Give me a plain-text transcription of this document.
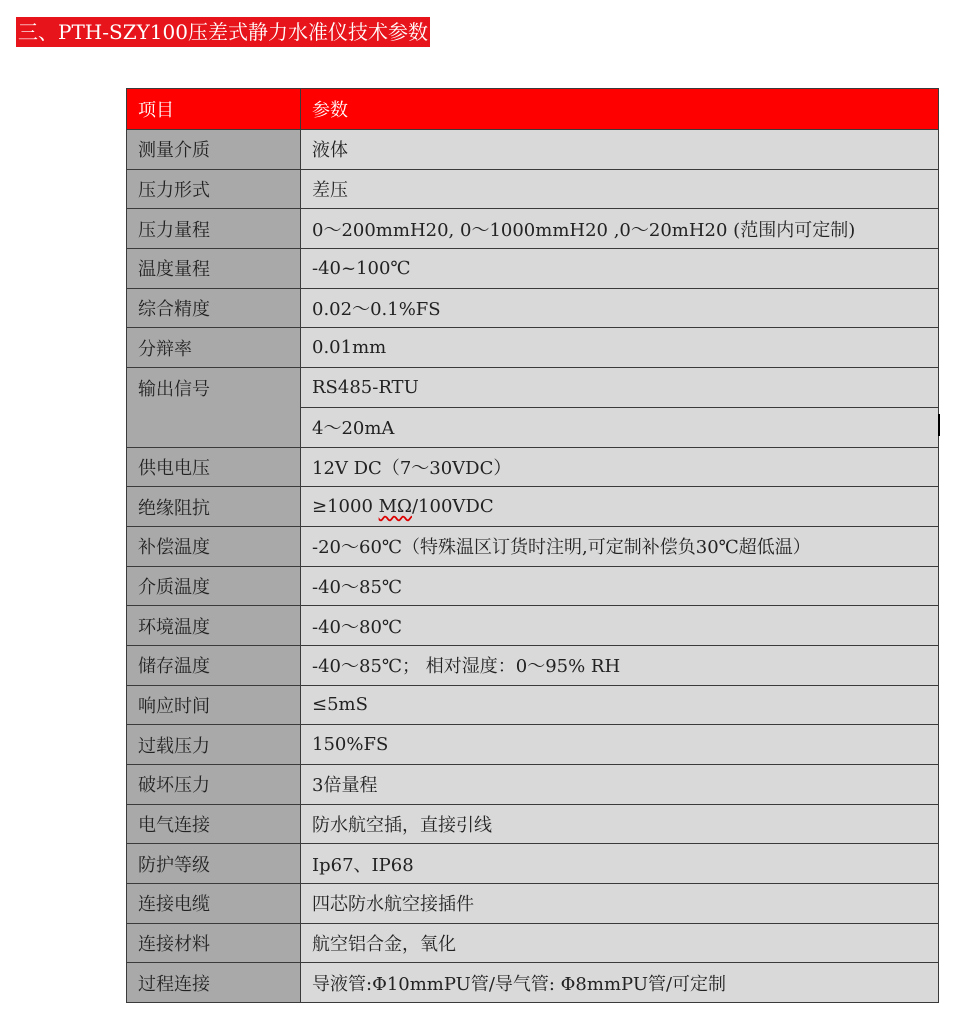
三、PTH-SZY100压差式静力水准仪技术参数
项目	参数
测量介质	液体
压力形式	差压
压力量程	0～200mmH20, 0～1000mmH20 ,0～20mH20 (范围内可定制)
温度量程	-40~100℃
综合精度	0.02～0.1%FS
分辩率	0.01mm
输出信号	RS485-RTU
	4～20mA
供电电压	12V DC（7～30VDC）
绝缘阻抗	≥1000 MΩ/100VDC
补偿温度	-20～60℃（特殊温区订货时注明,可定制补偿负30℃超低温）
介质温度	-40～85℃
环境温度	-40～80℃
储存温度	-40～85℃； 相对湿度：0～95% RH
响应时间	≤5mS
过载压力	150%FS
破坏压力	3倍量程
电气连接	防水航空插，直接引线
防护等级	Ip67、IP68
连接电缆	四芯防水航空接插件
连接材料	航空铝合金，氧化
过程连接	导液管:Φ10mmPU管/导气管: Φ8mmPU管/可定制
